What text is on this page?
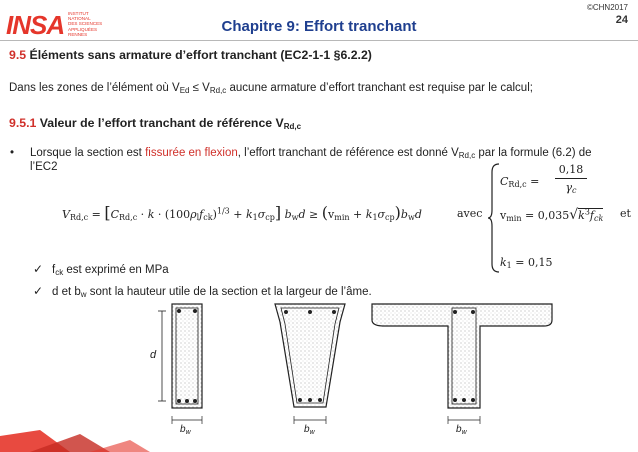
INSA INSTITUT
NATIONAL
DES SCIENCES
APPLIQUÉES
RENNES	Chapitre 9: Effort tranchant
©CHN2017
24
9.5 Éléments sans armature d’effort tranchant (EC2-1-1 §6.2.2)
Dans les zones de l’élément où $V_{Ed} \le V_{Rd,c}$ aucune armature d’effort tranchant est requise par le calcul;
9.5.1 Valeur de l’effort tranchant de référence $V_{Rd,c}$
• Lorsque la section est fissurée en flexion, l’effort tranchant de référence est donné $V_{Rd,c}$ par la formule (6.2) de
l’EC2
$V_{Rd,c} = [C_{Rd,c} \cdot k \cdot (100\rho_lf_{ck})^{1/3} + k_1\sigma_{cp}] b_wd \ge (v_{min} + k_1\sigma_{cp})b_wd$	avec
$C_{Rd,c}$ =
0,18
$\gamma_c$
$v_{min} = 0,035√k^3f_{ck}$ et
$k_1 = 0,15$
✓ $f_{ck}$ est exprimé en MPa
✓ d et $b_w$ sont la hauteur utile de la section et la largeur de l’âme.
d
$b_w$	$b_w$	$b_w$
